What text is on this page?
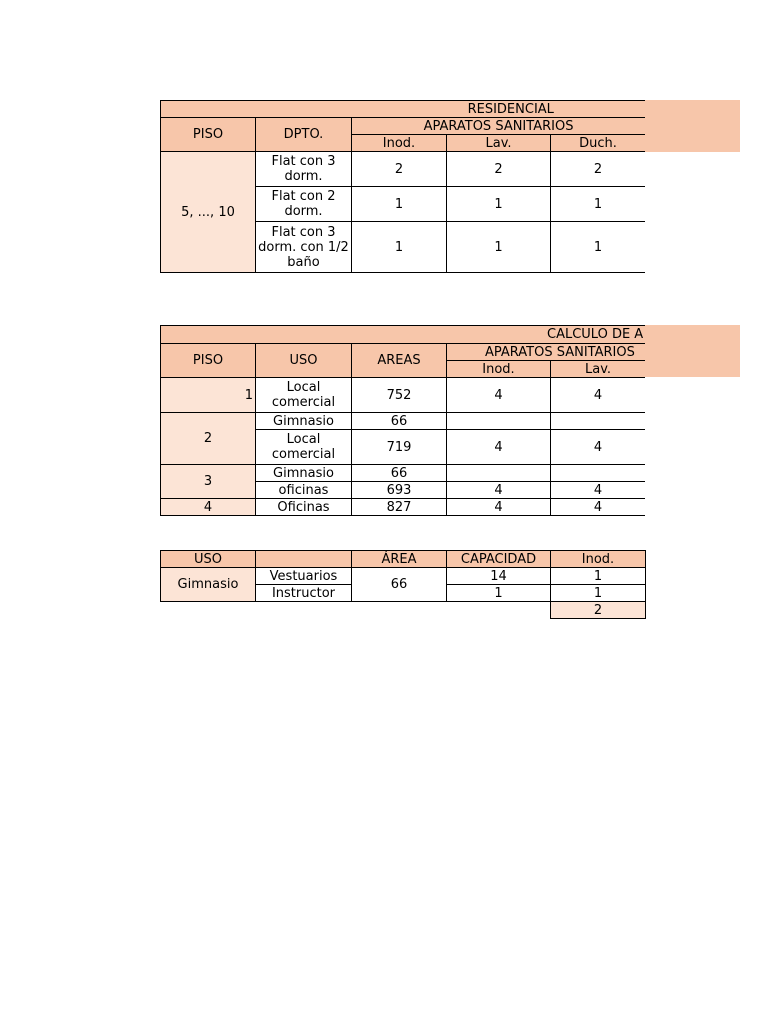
RESIDENCIAL				
PISO	DPTO.	APARATOS SANITARIOS		
		Inod.	Lav.	Duch.
5, ..., 10	Flat con 3 dorm.	2	2	2
	Flat con 2 dorm.	1	1	1
	Flat con 3 dorm. con 1/2 baño	1	1	1
CALCULO DE A					
PISO	USO	AREAS	APARATOS SANITARIOS		
			Inod.	Lav.	
1	Local comercial	752	4	4	
2	Gimnasio	66			
	Local comercial	719	4	4	
3	Gimnasio	66			
	oficinas	693	4	4	
4	Oficinas	827	4	4	
USO		ÁREA	CAPACIDAD	Inod.
Gimnasio	Vestuarios	66	14	1
	Instructor		1	1
				2
